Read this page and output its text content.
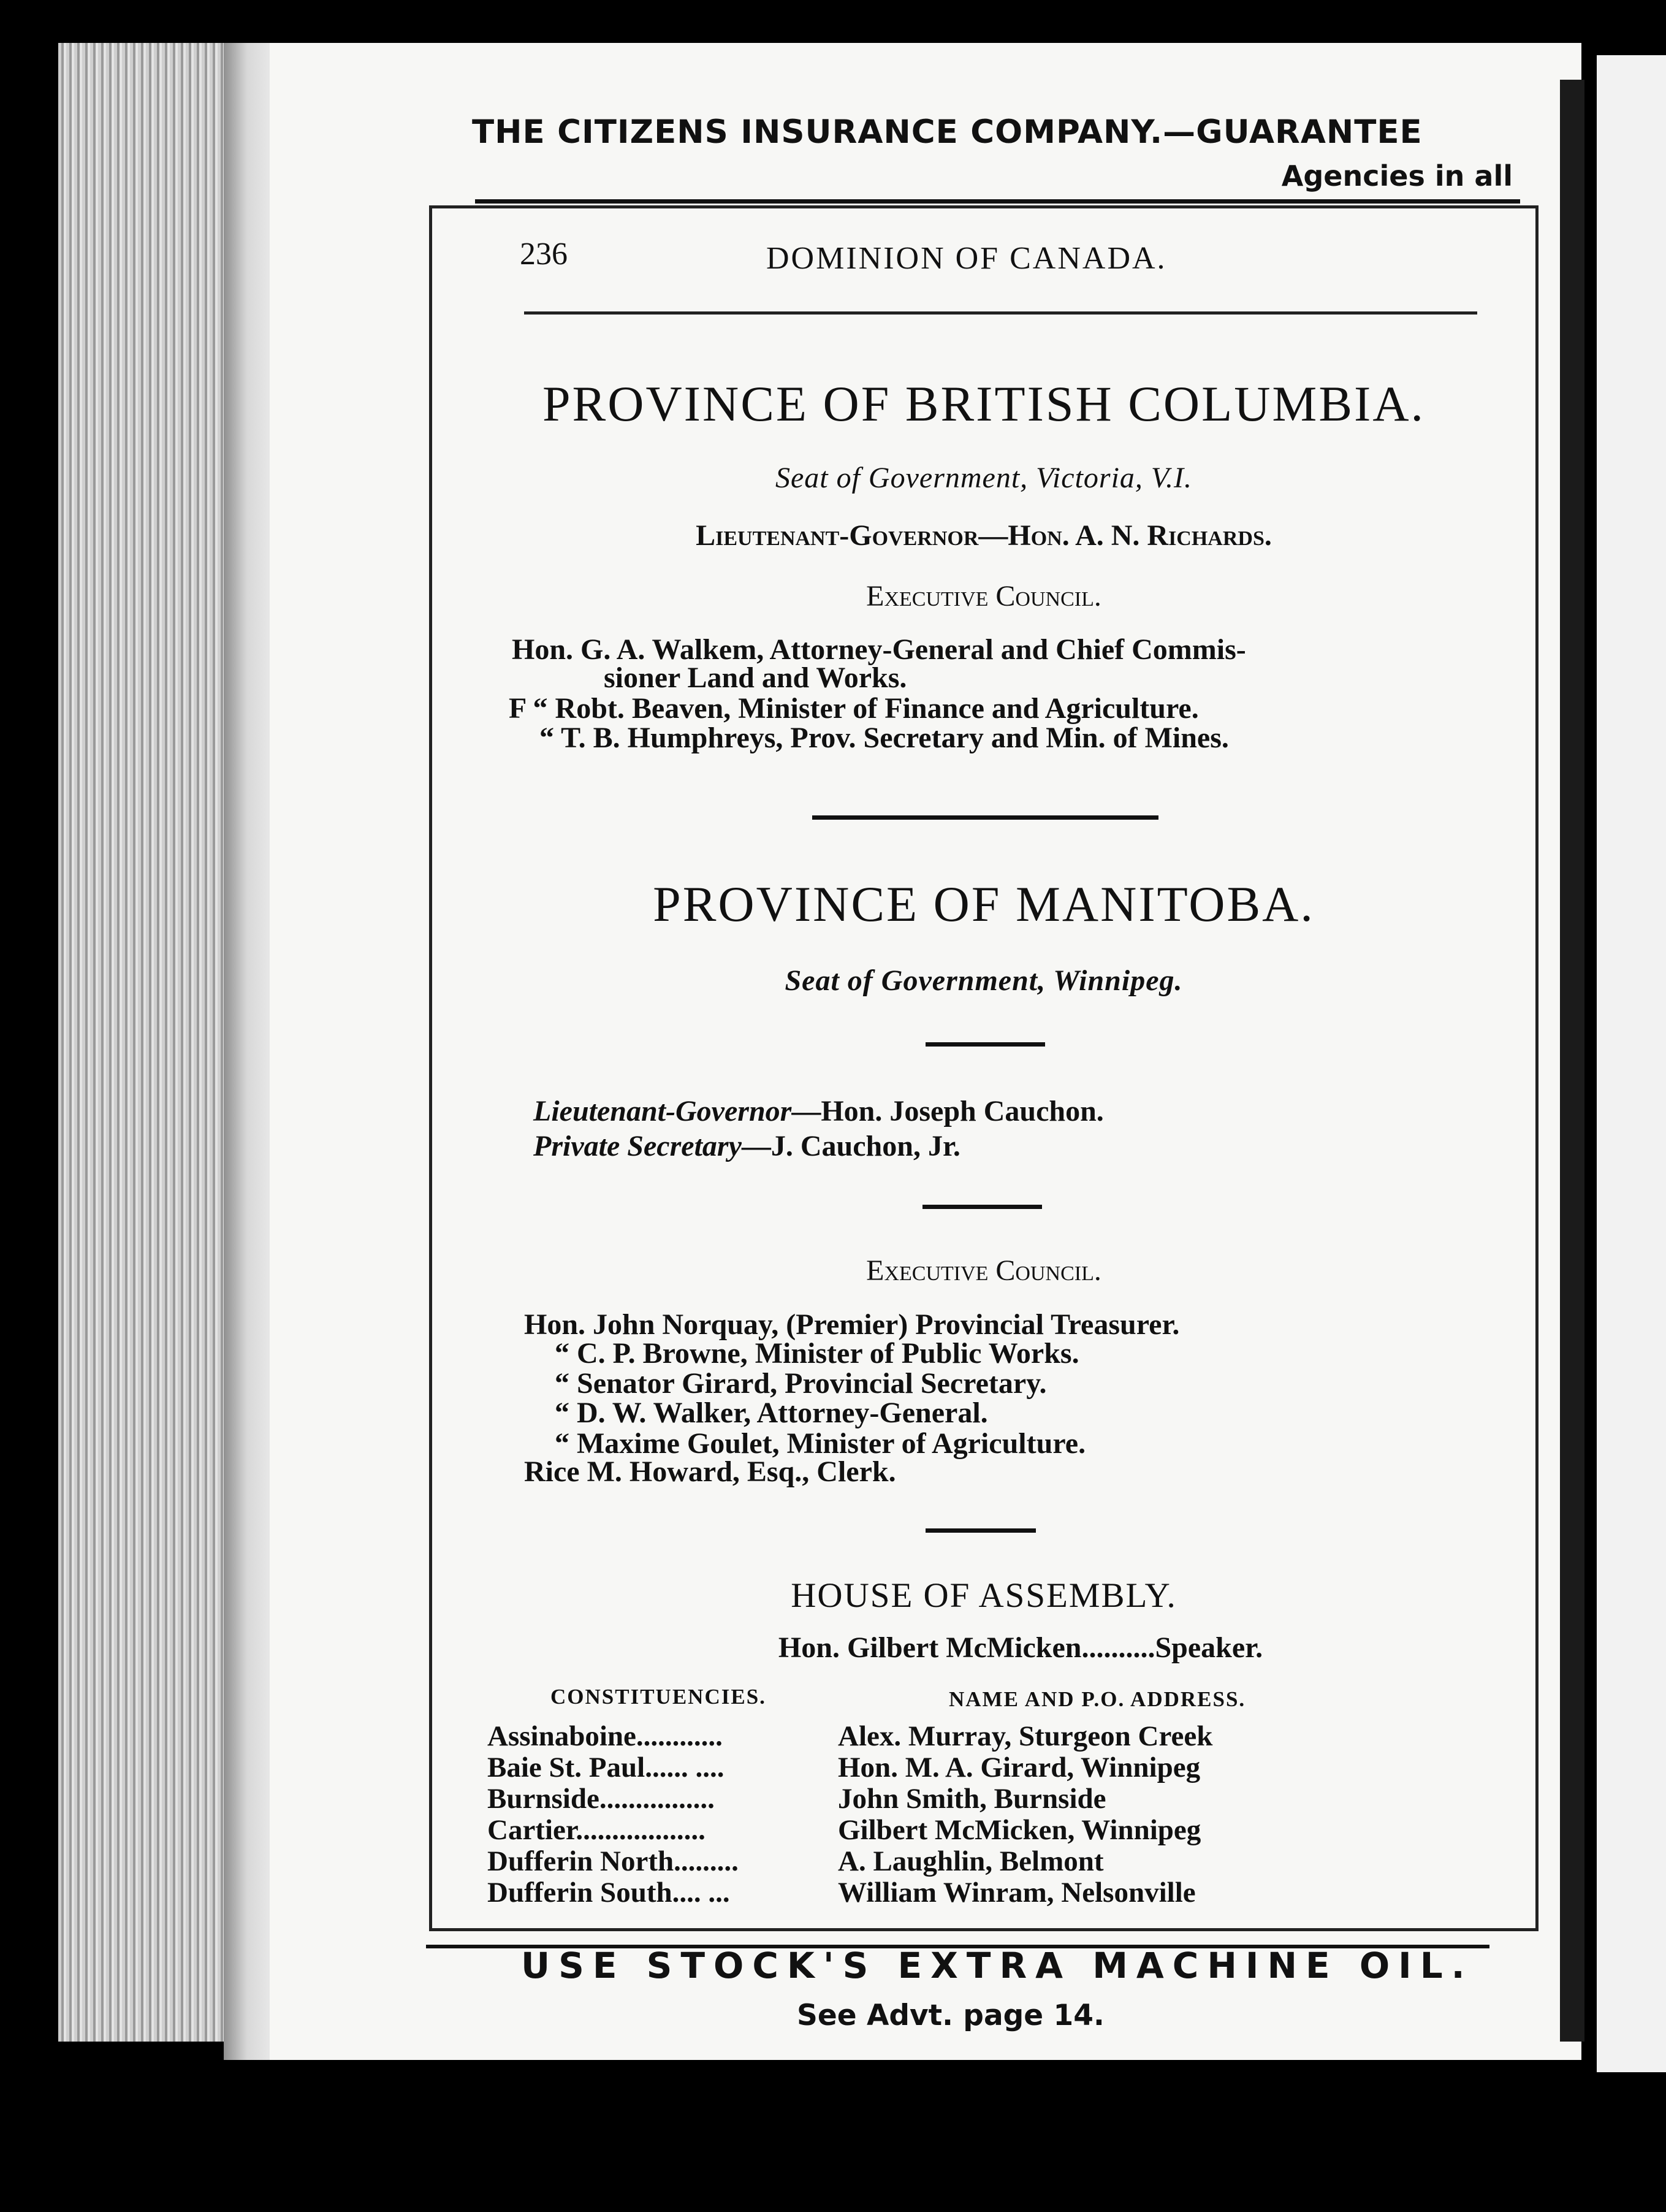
THE CITIZENS INSURANCE COMPANY.—GUARANTEE
Agencies in all
236	DOMINION OF CANADA.
PROVINCE OF BRITISH COLUMBIA.
Seat of Government, Victoria, V.I.
Lieutenant-Governor—Hon. A. N. Richards.
Executive Council.
Hon. G. A. Walkem, Attorney-General and Chief Commis-
sioner Land and Works.
F “ Robt. Beaven, Minister of Finance and Agriculture.
“ T. B. Humphreys, Prov. Secretary and Min. of Mines.
PROVINCE OF MANITOBA.
Seat of Government, Winnipeg.
Lieutenant-Governor—Hon. Joseph Cauchon.
Private Secretary—J. Cauchon, Jr.
Executive Council.
Hon. John Norquay, (Premier) Provincial Treasurer.
“ C. P. Browne, Minister of Public Works.
“ Senator Girard, Provincial Secretary.
“ D. W. Walker, Attorney-General.
“ Maxime Goulet, Minister of Agriculture.
Rice M. Howard, Esq., Clerk.
HOUSE OF ASSEMBLY.
Hon. Gilbert McMicken..........Speaker.
CONSTITUENCIES.	NAME AND P.O. ADDRESS.
Assinaboine............	Alex. Murray, Sturgeon Creek
Baie St. Paul...... ....	Hon. M. A. Girard, Winnipeg
Burnside................	John Smith, Burnside
Cartier..................	Gilbert McMicken, Winnipeg
Dufferin North.........	A. Laughlin, Belmont
Dufferin South.... ...	William Winram, Nelsonville
USE STOCK'S EXTRA MACHINE OIL.
See Advt. page 14.
